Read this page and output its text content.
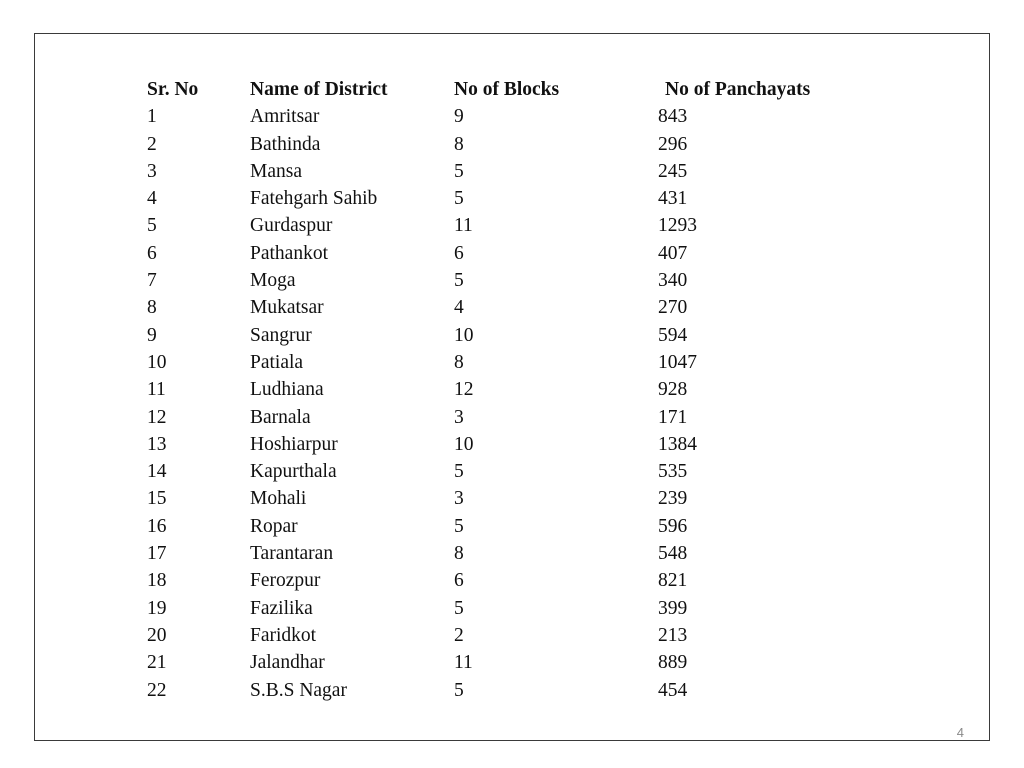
Sr. No	Name of District	No of Blocks	No of Panchayats
1	Amritsar	9	843
2	Bathinda	8	296
3	Mansa	5	245
4	Fatehgarh Sahib	5	431
5	Gurdaspur	11	1293
6	Pathankot	6	407
7	Moga	5	340
8	Mukatsar	4	270
9	Sangrur	10	594
10	Patiala	8	1047
11	Ludhiana	12	928
12	Barnala	3	171
13	Hoshiarpur	10	1384
14	Kapurthala	5	535
15	Mohali	3	239
16	Ropar	5	596
17	Tarantaran	8	548
18	Ferozpur	6	821
19	Fazilika	5	399
20	Faridkot	2	213
21	Jalandhar	11	889
22	S.B.S Nagar	5	454
4
